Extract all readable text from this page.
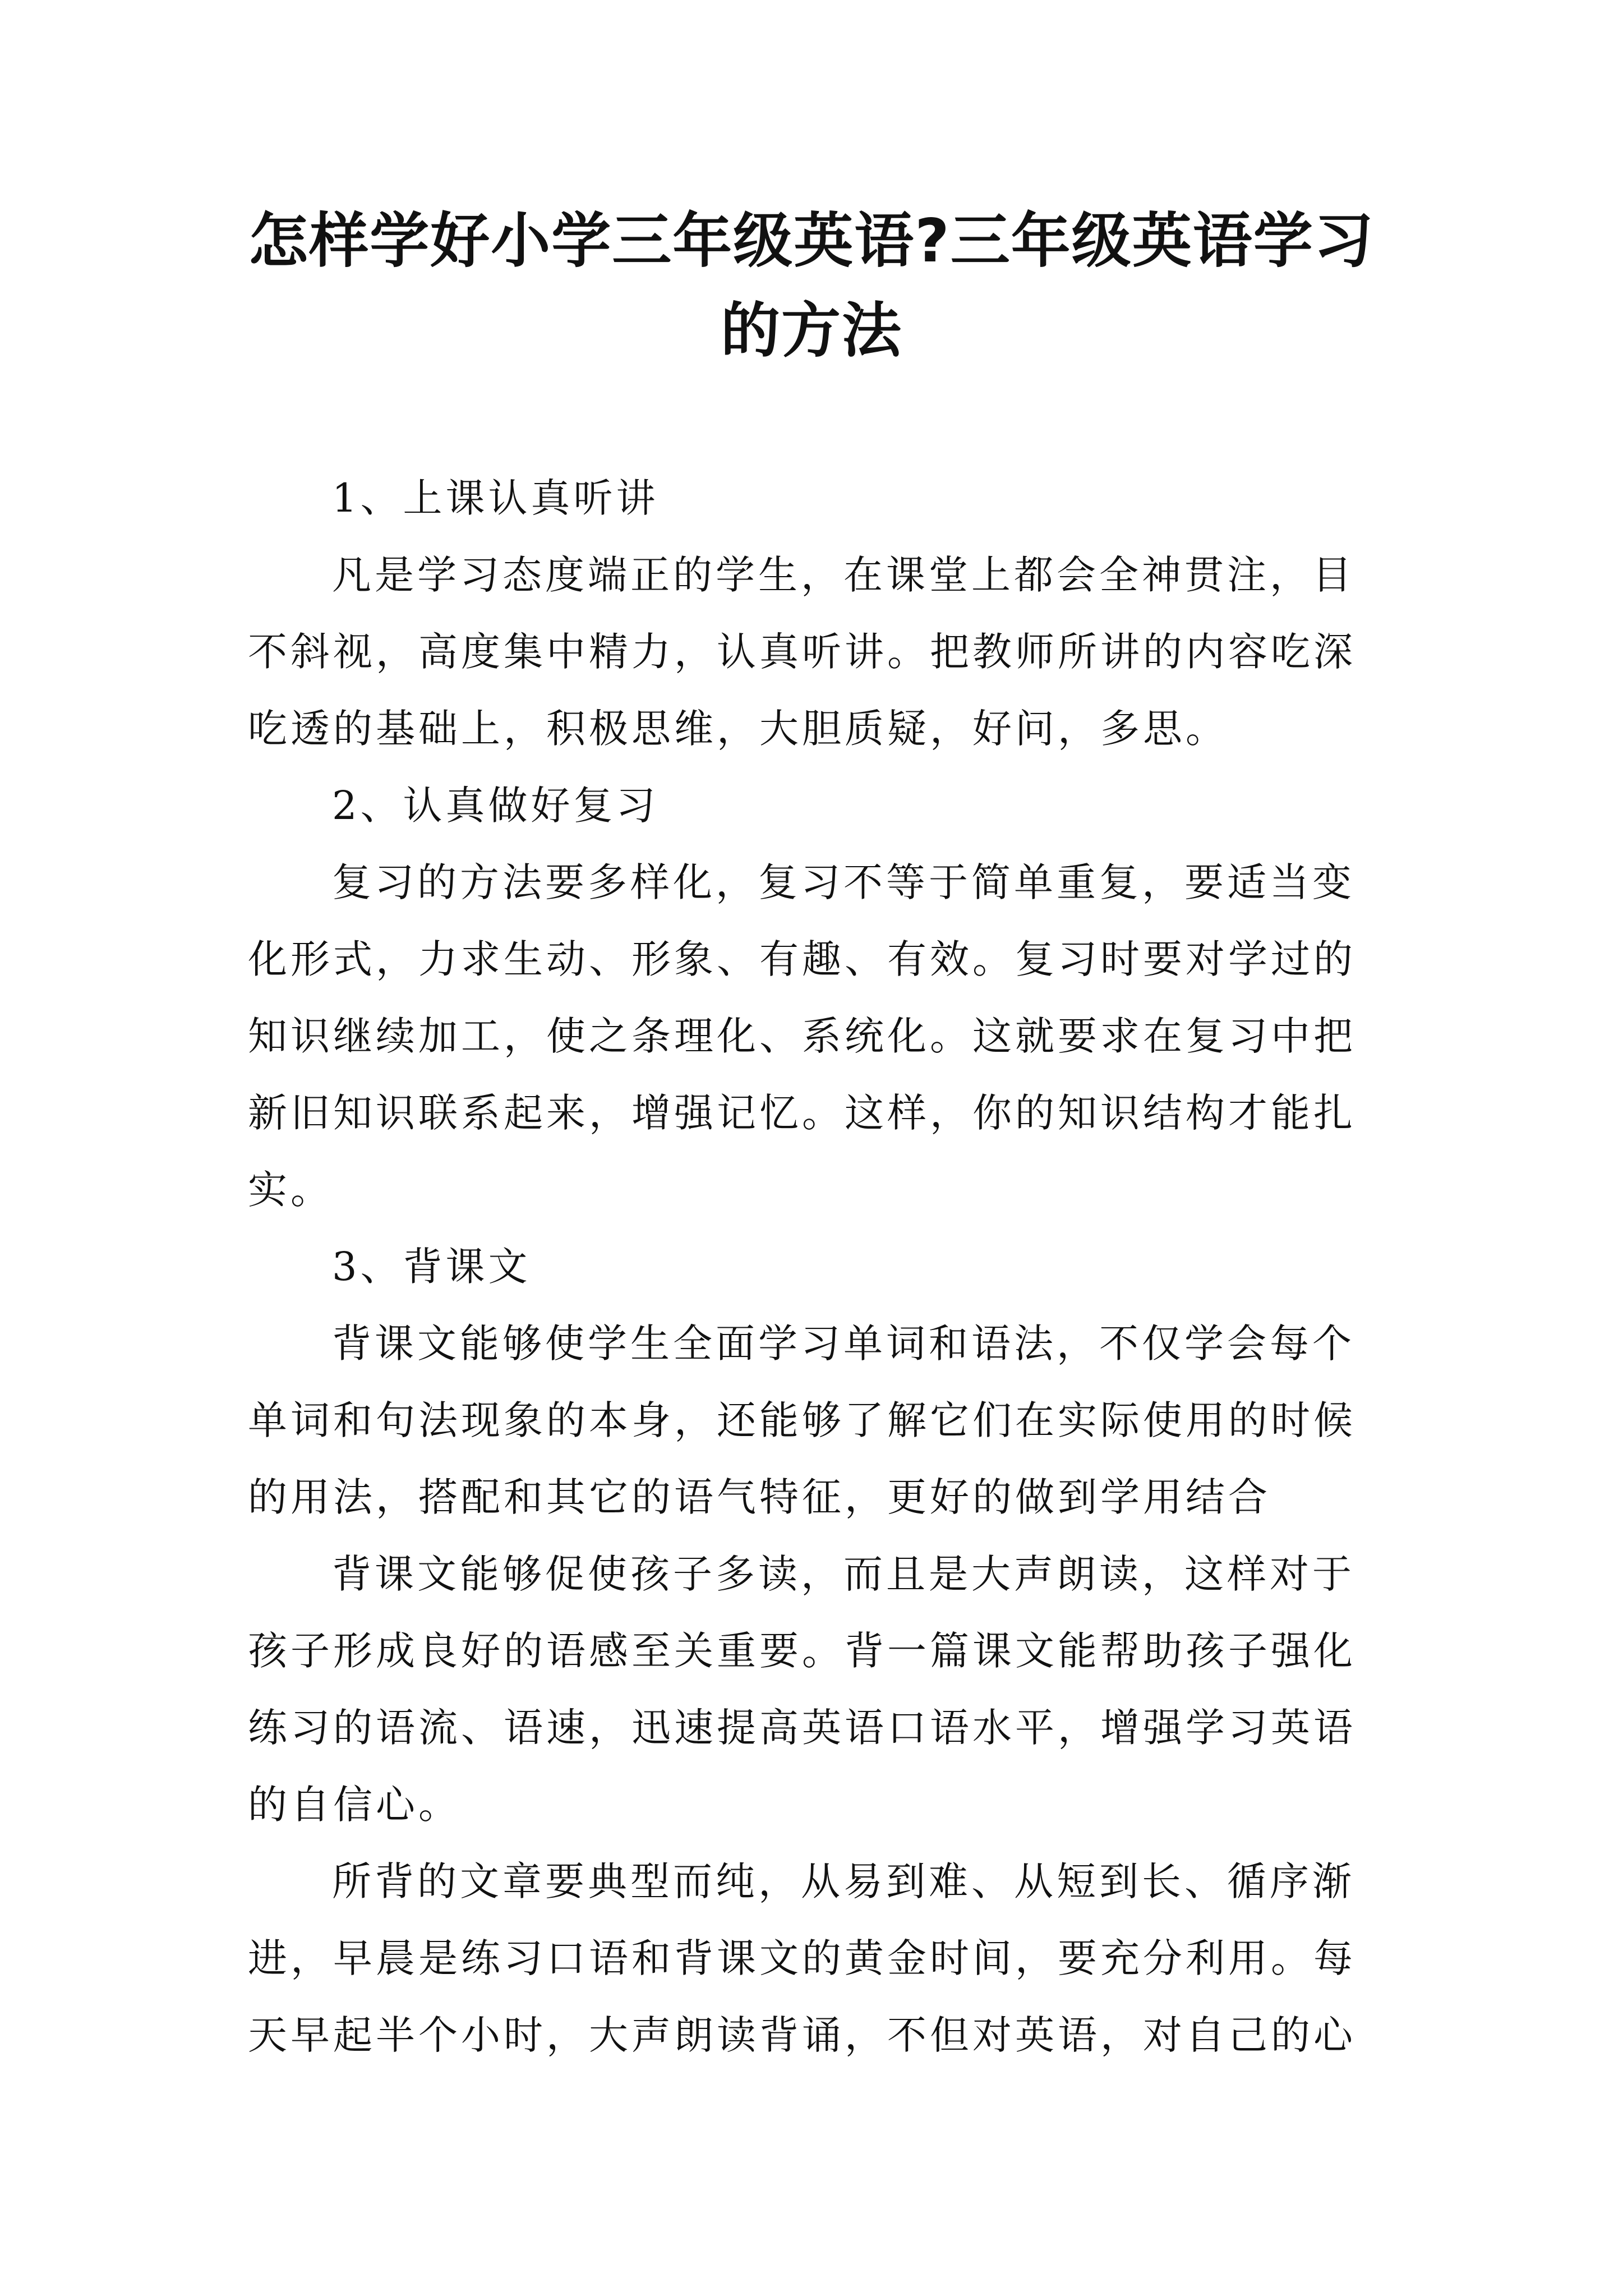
怎样学好小学三年级英语?三年级英语学习
的方法

1、上课认真听讲

凡是学习态度端正的学生，在课堂上都会全神贯注，目
不斜视，高度集中精力，认真听讲。把教师所讲的内容吃深
吃透的基础上，积极思维，大胆质疑，好问，多思。

2、认真做好复习

复习的方法要多样化，复习不等于简单重复，要适当变
化形式，力求生动、形象、有趣、有效。复习时要对学过的
知识继续加工，使之条理化、系统化。这就要求在复习中把
新旧知识联系起来，增强记忆。这样，你的知识结构才能扎
实。

3、背课文

背课文能够使学生全面学习单词和语法，不仅学会每个
单词和句法现象的本身，还能够了解它们在实际使用的时候
的用法，搭配和其它的语气特征，更好的做到学用结合

背课文能够促使孩子多读，而且是大声朗读，这样对于
孩子形成良好的语感至关重要。背一篇课文能帮助孩子强化
练习的语流、语速，迅速提高英语口语水平，增强学习英语
的自信心。

所背的文章要典型而纯，从易到难、从短到长、循序渐
进，早晨是练习口语和背课文的黄金时间，要充分利用。每
天早起半个小时，大声朗读背诵，不但对英语，对自己的心
